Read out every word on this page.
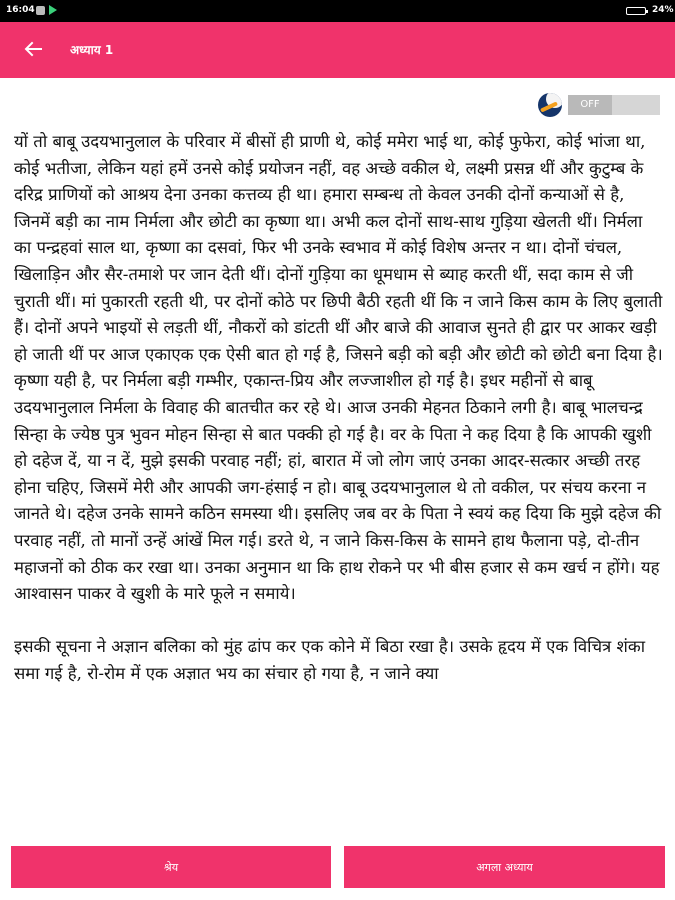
16:04	24%
अध्याय 1
OFF

यों तो बाबू उदयभानुलाल के परिवार में बीसों ही प्राणी थे, कोई ममेरा भाई था, कोई फुफेरा, कोई भांजा था, कोई भतीजा, लेकिन यहां हमें उनसे कोई प्रयोजन नहीं, वह अच्छे वकील थे, लक्ष्मी प्रसन्न थीं और कुटुम्ब के दरिद्र प्राणियों को आश्रय देना उनका कत्तव्य ही था। हमारा सम्बन्ध तो केवल उनकी दोनों कन्याओं से है, जिनमें बड़ी का नाम निर्मला और छोटी का कृष्णा था। अभी कल दोनों साथ-साथ गुड़िया खेलती थीं। निर्मला का पन्द्रहवां साल था, कृष्णा का दसवां, फिर भी उनके स्वभाव में कोई विशेष अन्तर न था। दोनों चंचल, खिलाड़िन और सैर-तमाशे पर जान देती थीं। दोनों गुड़िया का धूमधाम से ब्याह करती थीं, सदा काम से जी चुराती थीं। मां पुकारती रहती थी, पर दोनों कोठे पर छिपी बैठी रहती थीं कि न जाने किस काम के लिए बुलाती हैं। दोनों अपने भाइयों से लड़ती थीं, नौकरों को डांटती थीं और बाजे की आवाज सुनते ही द्वार पर आकर खड़ी हो जाती थीं पर आज एकाएक एक ऐसी बात हो गई है, जिसने बड़ी को बड़ी और छोटी को छोटी बना दिया है। कृष्णा यही है, पर निर्मला बड़ी गम्भीर, एकान्त-प्रिय और लज्जाशील हो गई है। इधर महीनों से बाबू उदयभानुलाल निर्मला के विवाह की बातचीत कर रहे थे। आज उनकी मेहनत ठिकाने लगी है। बाबू भालचन्द्र सिन्हा के ज्येष्ठ पुत्र भुवन मोहन सिन्हा से बात पक्की हो गई है। वर के पिता ने कह दिया है कि आपकी खुशी हो दहेज दें, या न दें, मुझे इसकी परवाह नहीं; हां, बारात में जो लोग जाएं उनका आदर-सत्कार अच्छी तरह होना चहिए, जिसमें मेरी और आपकी जग-हंसाई न हो। बाबू उदयभानुलाल थे तो वकील, पर संचय करना न जानते थे। दहेज उनके सामने कठिन समस्या थी। इसलिए जब वर के पिता ने स्वयं कह दिया कि मुझे दहेज की परवाह नहीं, तो मानों उन्हें आंखें मिल गई। डरते थे, न जाने किस-किस के सामने हाथ फैलाना पड़े, दो-तीन महाजनों को ठीक कर रखा था। उनका अनुमान था कि हाथ रोकने पर भी बीस हजार से कम खर्च न होंगे। यह आश्वासन पाकर वे खुशी के मारे फूले न समाये।

इसकी सूचना ने अज्ञान बलिका को मुंह ढांप कर एक कोने में बिठा रखा है। उसके हृदय में एक विचित्र शंका समा गई है, रो-रोम में एक अज्ञात भय का संचार हो गया है, न जाने क्या

श्रेय	अगला अध्याय
